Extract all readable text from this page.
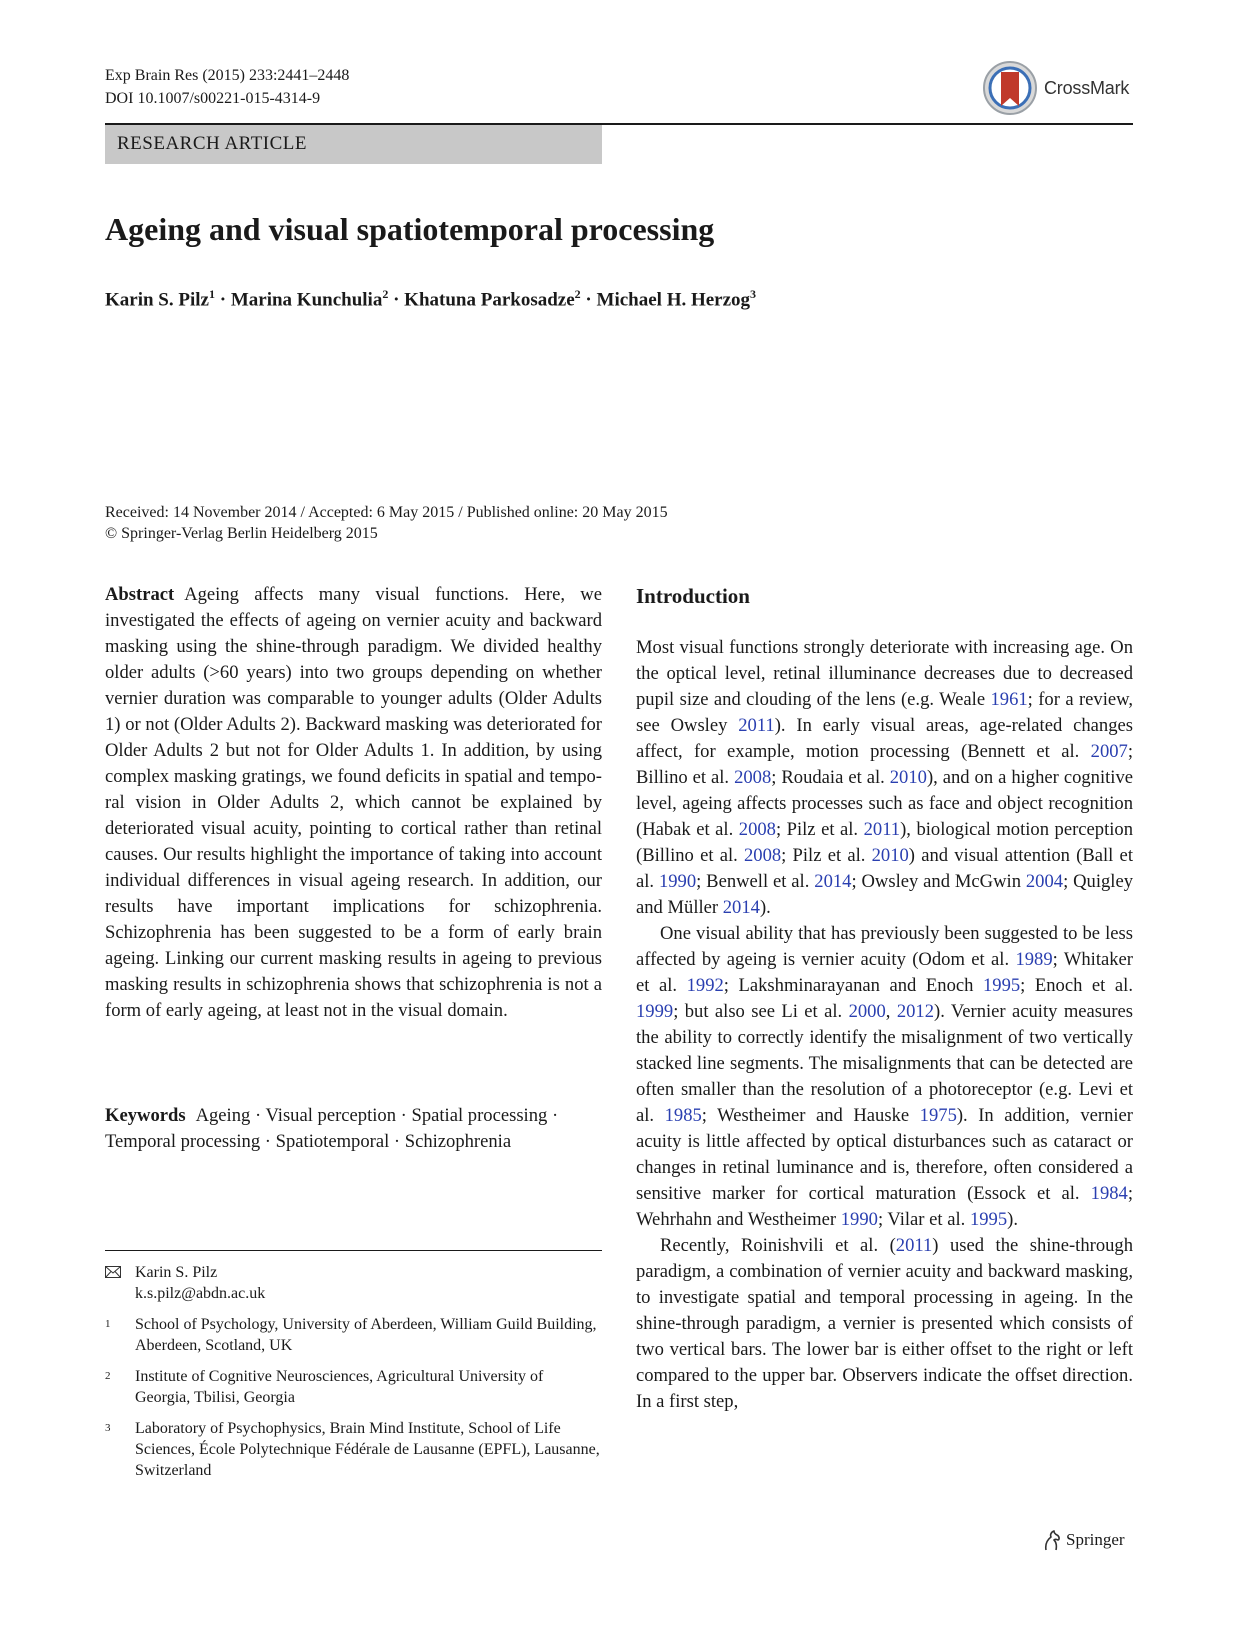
Exp Brain Res (2015) 233:2441–2448
DOI 10.1007/s00221-015-4314-9
CrossMark
RESEARCH ARTICLE
Ageing and visual spatiotemporal processing
Karin S. Pilz$^1$ · Marina Kunchulia$^2$ · Khatuna Parkosadze$^2$ · Michael H. Herzog$^3$
Received: 14 November 2014 / Accepted: 6 May 2015 / Published online: 20 May 2015
© Springer-Verlag Berlin Heidelberg 2015

Abstract Ageing affects many visual functions. Here, we investigated the effects of ageing on vernier acuity and backward masking using the shine-through paradigm. We divided healthy older adults (>60 years) into two groups depending on whether vernier duration was comparable to younger adults (Older Adults 1) or not (Older Adults 2). Backward masking was deteriorated for Older Adults 2 but not for Older Adults 1. In addition, by using complex masking gratings, we found deficits in spatial and temporal vision in Older Adults 2, which cannot be explained by deteriorated visual acuity, pointing to cortical rather than retinal causes. Our results highlight the importance of taking into account individual differences in visual ageing research. In addition, our results have important implications for schizophrenia. Schizophrenia has been suggested to be a form of early brain ageing. Linking our current masking results in ageing to previous masking results in schizophrenia shows that schizophrenia is not a form of early ageing, at least not in the visual domain.

Keywords Ageing · Visual perception · Spatial processing · Temporal processing · Spatiotemporal · Schizophrenia

Karin S. Pilz
k.s.pilz@abdn.ac.uk
1 School of Psychology, University of Aberdeen, William Guild Building, Aberdeen, Scotland, UK
2 Institute of Cognitive Neurosciences, Agricultural University of Georgia, Tbilisi, Georgia
3 Laboratory of Psychophysics, Brain Mind Institute, School of Life Sciences, École Polytechnique Fédérale de Lausanne (EPFL), Lausanne, Switzerland
Introduction

Most visual functions strongly deteriorate with increasing age. On the optical level, retinal illuminance decreases due to decreased pupil size and clouding of the lens (e.g. Weale 1961; for a review, see Owsley 2011). In early visual areas, age-related changes affect, for example, motion processing (Bennett et al. 2007; Billino et al. 2008; Roudaia et al. 2010), and on a higher cognitive level, ageing affects processes such as face and object recognition (Habak et al. 2008; Pilz et al. 2011), biological motion perception (Billino et al. 2008; Pilz et al. 2010) and visual attention (Ball et al. 1990; Benwell et al. 2014; Owsley and McGwin 2004; Quigley and Müller 2014).

One visual ability that has previously been suggested to be less affected by ageing is vernier acuity (Odom et al. 1989; Whitaker et al. 1992; Lakshminarayanan and Enoch 1995; Enoch et al. 1999; but also see Li et al. 2000, 2012). Vernier acuity measures the ability to correctly identify the misalignment of two vertically stacked line segments. The misalignments that can be detected are often smaller than the resolution of a photoreceptor (e.g. Levi et al. 1985; Westheimer and Hauske 1975). In addition, vernier acuity is little affected by optical disturbances such as cataract or changes in retinal luminance and is, therefore, often considered a sensitive marker for cortical maturation (Essock et al. 1984; Wehrhahn and Westheimer 1990; Vilar et al. 1995).

Recently, Roinishvili et al. (2011) used the shine-through paradigm, a combination of vernier acuity and backward masking, to investigate spatial and temporal processing in ageing. In the shine-through paradigm, a vernier is presented which consists of two vertical bars. The lower bar is either offset to the right or left compared to the upper bar. Observers indicate the offset direction. In a first step,

Springer
